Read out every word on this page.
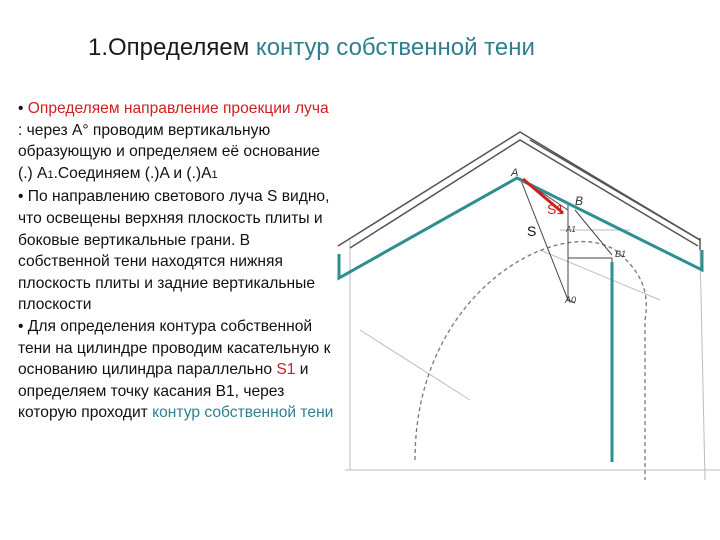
1.Определяем контур собственной тени

• Определяем направление проекции луча : через A° проводим вертикальную образующую и определяем её основание (.) A1.Соединяем (.)A и (.)A1

• По направлению светового луча S видно, что освещены верхняя плоскость плиты и боковые вертикальные грани. В собственной тени находятся нижняя плоскость плиты и задние вертикальные плоскости

• Для определения контура собственной тени на цилиндре проводим касательную к основанию цилиндра параллельно S1 и определяем точку касания B1, через которую проходит контур собственной тени

A
B
S1
S	A1
B1
A0
